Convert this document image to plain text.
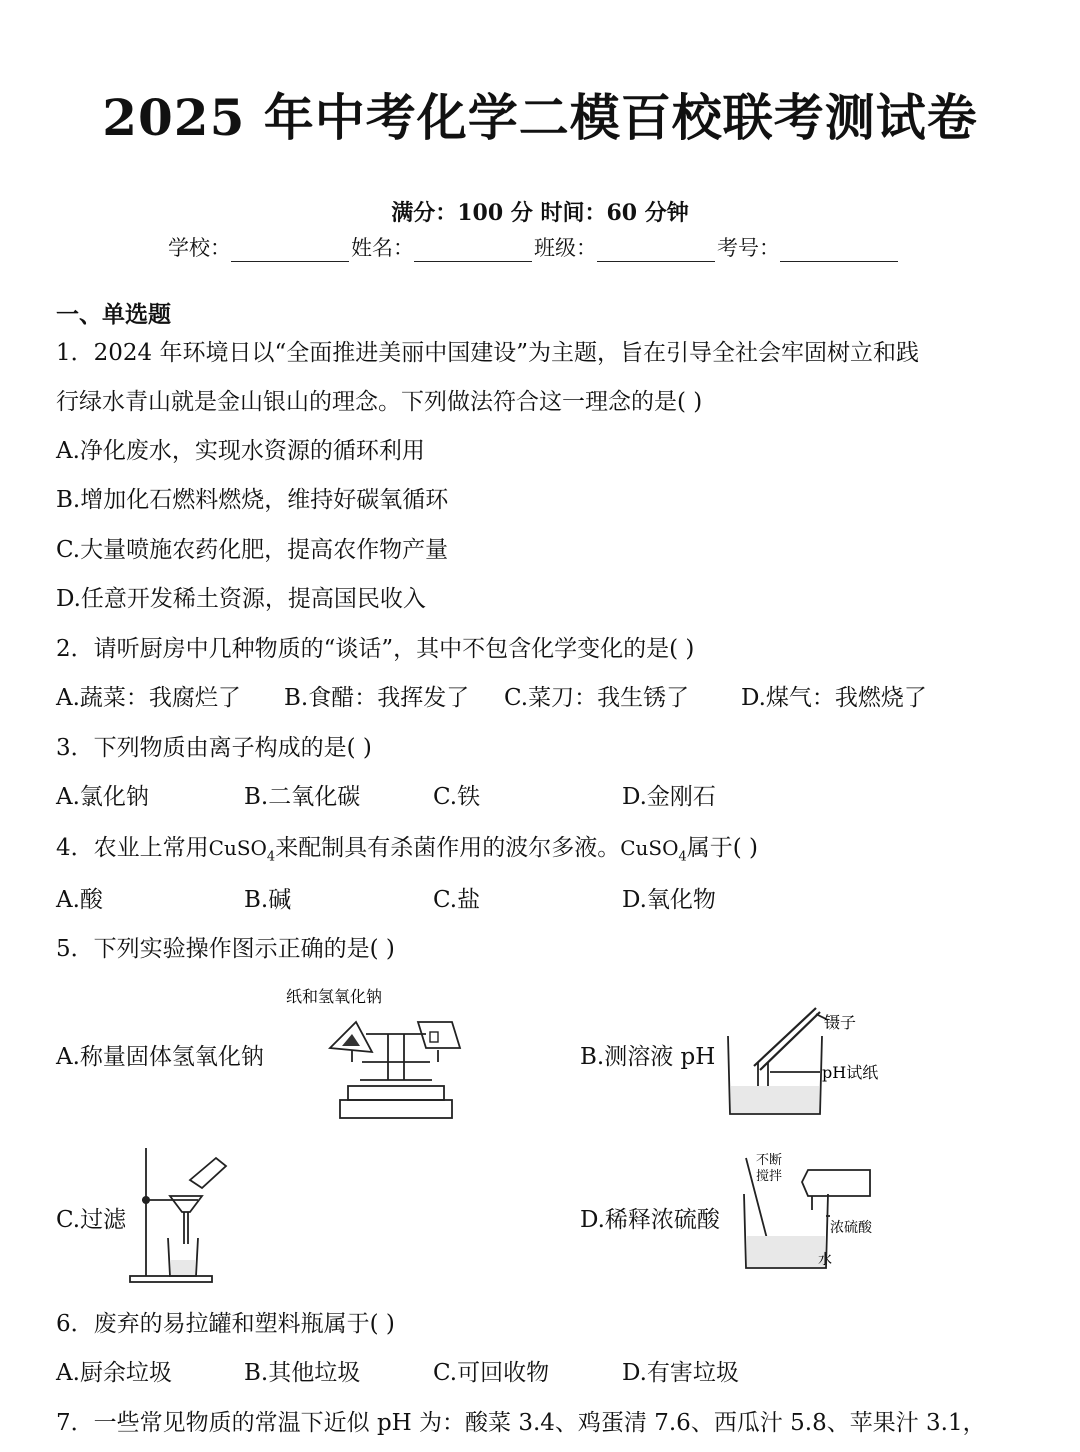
2025 年中考化学二模百校联考测试卷
满分：100 分 时间：60 分钟
学校：	姓名：	班级：	考号：
一、单选题
1．2024 年环境日以“全面推进美丽中国建设”为主题，旨在引导全社会牢固树立和践
行绿水青山就是金山银山的理念。下列做法符合这一理念的是( )
A.净化废水，实现水资源的循环利用
B.增加化石燃料燃烧，维持好碳氧循环
C.大量喷施农药化肥，提高农作物产量
D.任意开发稀土资源，提高国民收入
2．请听厨房中几种物质的“谈话”，其中不包含化学变化的是( )
A.蔬菜：我腐烂了 B.食醋：我挥发了 C.菜刀：我生锈了 D.煤气：我燃烧了
3．下列物质由离子构成的是( )
A.氯化钠	B.二氧化碳	C.铁	D.金刚石
4．农业上常用CuSO$_4$来配制具有杀菌作用的波尔多液。CuSO$_4$属于( )
A.酸	B.碱	C.盐	D.氧化物
5．下列实验操作图示正确的是( )
A.称量固体氢氧化钠	B.测溶液 pH
C.过滤	D.稀释浓硫酸
纸和氢氧化钠
镊子
pH试纸
不断
搅拌
浓硫酸
水
6．废弃的易拉罐和塑料瓶属于( )
A.厨余垃圾	B.其他垃圾	C.可回收物	D.有害垃圾
7．一些常见物质的常温下近似 pH 为：酸菜 3.4、鸡蛋清 7.6、西瓜汁 5.8、苹果汁 3.1，
